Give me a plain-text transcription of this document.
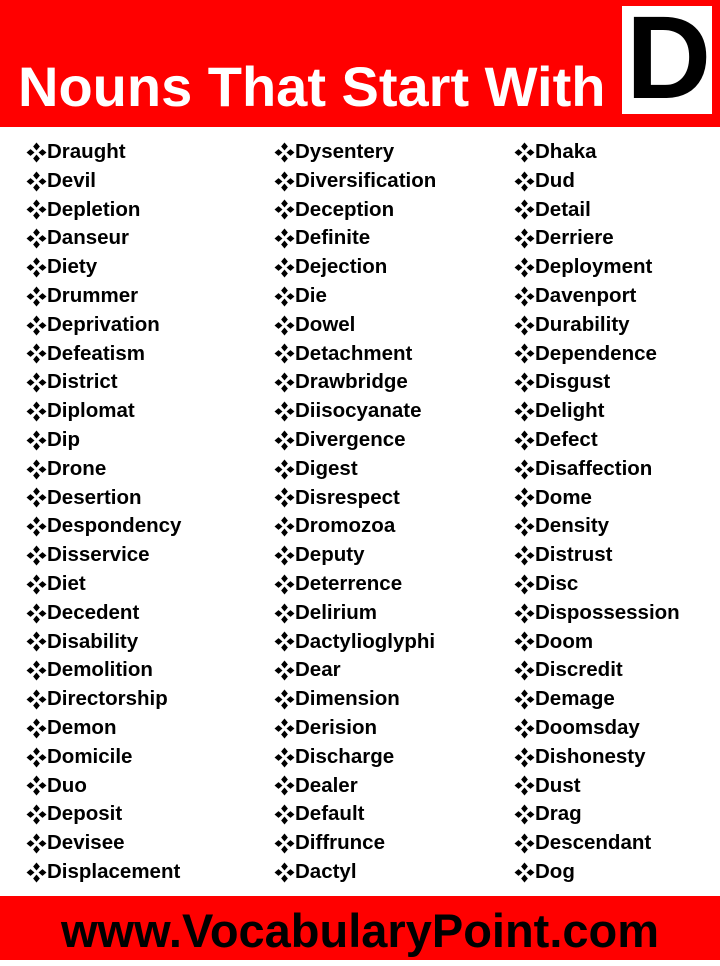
Nouns That Start With D
Draught
Devil
Depletion
Danseur
Diety
Drummer
Deprivation
Defeatism
District
Diplomat
Dip
Drone
Desertion
Despondency
Disservice
Diet
Decedent
Disability
Demolition
Directorship
Demon
Domicile
Duo
Deposit
Devisee
Displacement
Dysentery
Diversification
Deception
Definite
Dejection
Die
Dowel
Detachment
Drawbridge
Diisocyanate
Divergence
Digest
Disrespect
Dromozoa
Deputy
Deterrence
Delirium
Dactylioglyphi
Dear
Dimension
Derision
Discharge
Dealer
Default
Diffrunce
Dactyl
Dhaka
Dud
Detail
Derriere
Deployment
Davenport
Durability
Dependence
Disgust
Delight
Defect
Disaffection
Dome
Density
Distrust
Disc
Dispossession
Doom
Discredit
Demage
Doomsday
Dishonesty
Dust
Drag
Descendant
Dog
www.VocabularyPoint.com
